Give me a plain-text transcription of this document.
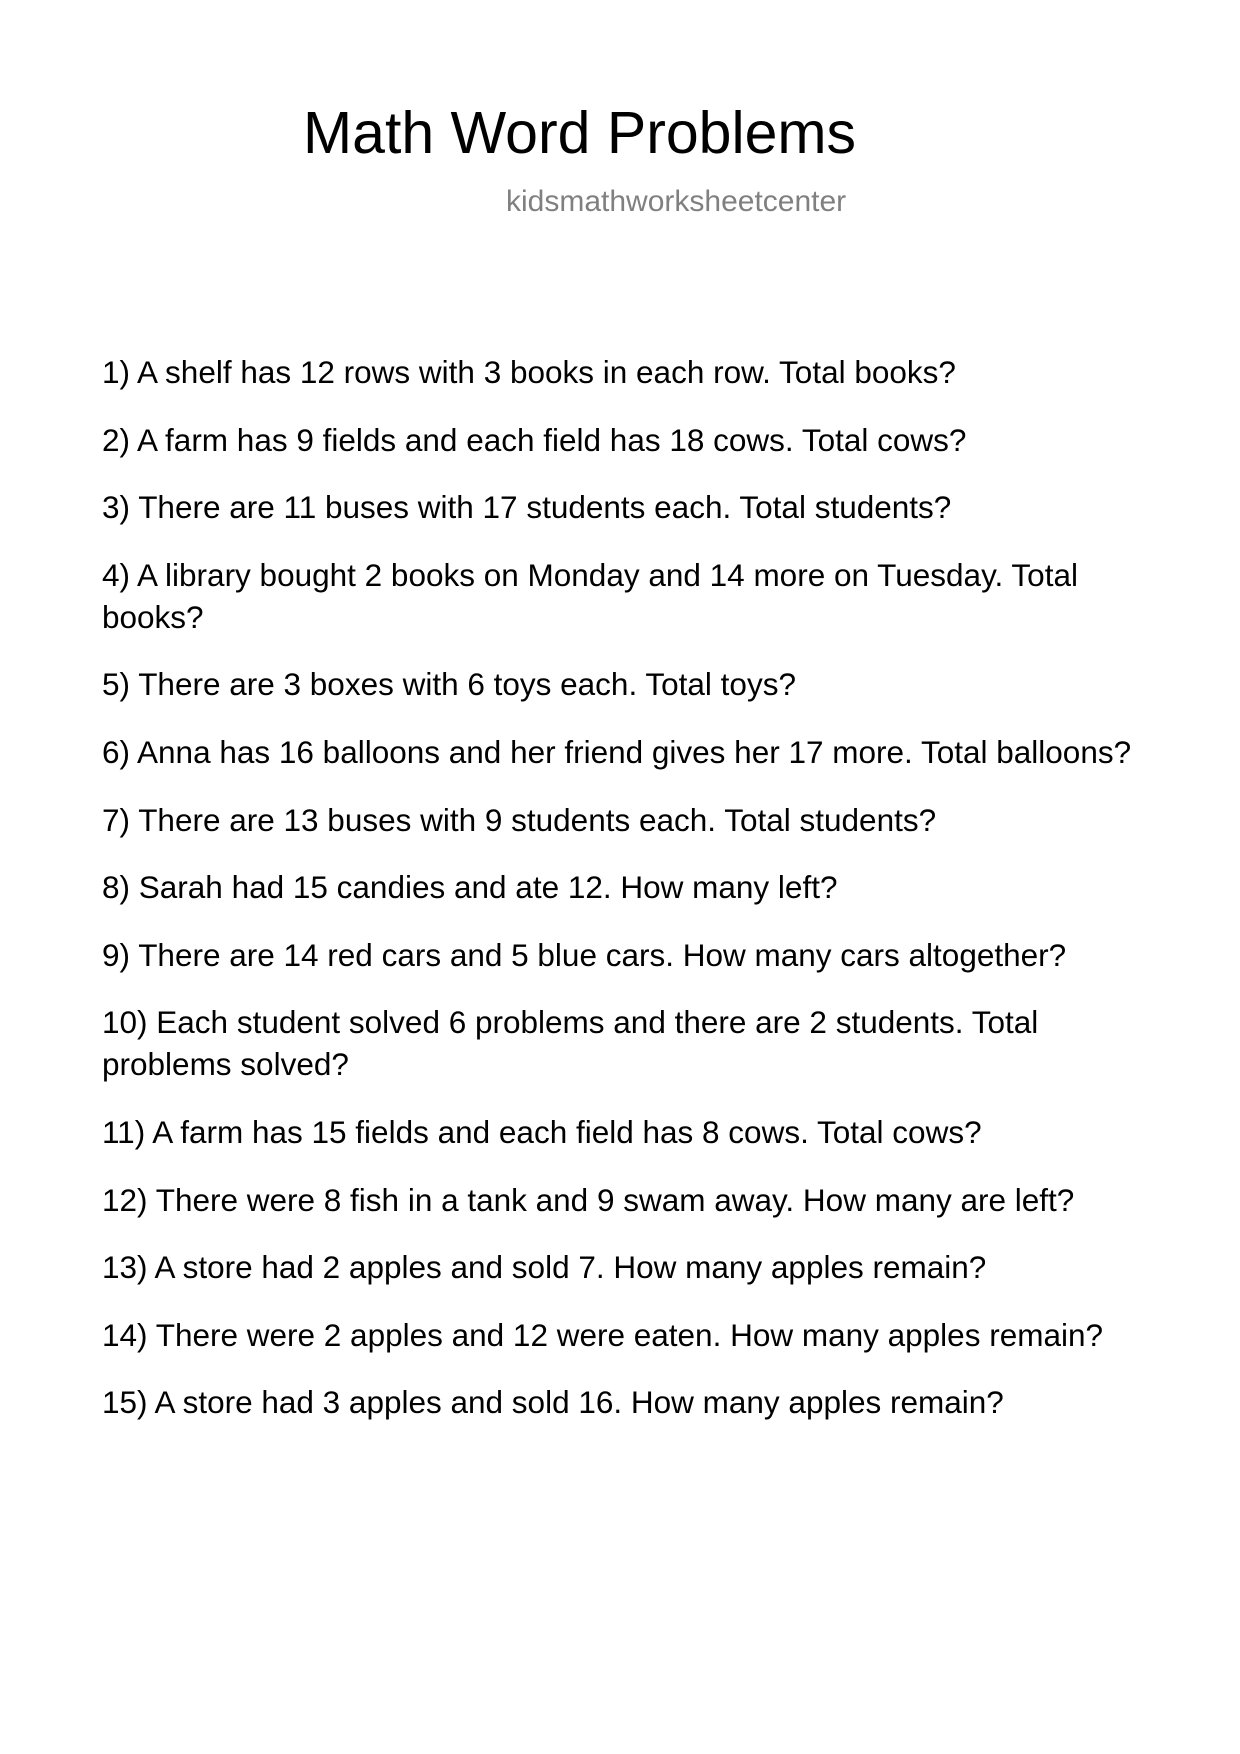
Math Word Problems
kidsmathworksheetcenter
1) A shelf has 12 rows with 3 books in each row. Total books?
2) A farm has 9 fields and each field has 18 cows. Total cows?
3) There are 11 buses with 17 students each. Total students?
4) A library bought 2 books on Monday and 14 more on Tuesday. Total books?
5) There are 3 boxes with 6 toys each. Total toys?
6) Anna has 16 balloons and her friend gives her 17 more. Total balloons?
7) There are 13 buses with 9 students each. Total students?
8) Sarah had 15 candies and ate 12. How many left?
9) There are 14 red cars and 5 blue cars. How many cars altogether?
10) Each student solved 6 problems and there are 2 students. Total problems solved?
11) A farm has 15 fields and each field has 8 cows. Total cows?
12) There were 8 fish in a tank and 9 swam away. How many are left?
13) A store had 2 apples and sold 7. How many apples remain?
14) There were 2 apples and 12 were eaten. How many apples remain?
15) A store had 3 apples and sold 16. How many apples remain?
